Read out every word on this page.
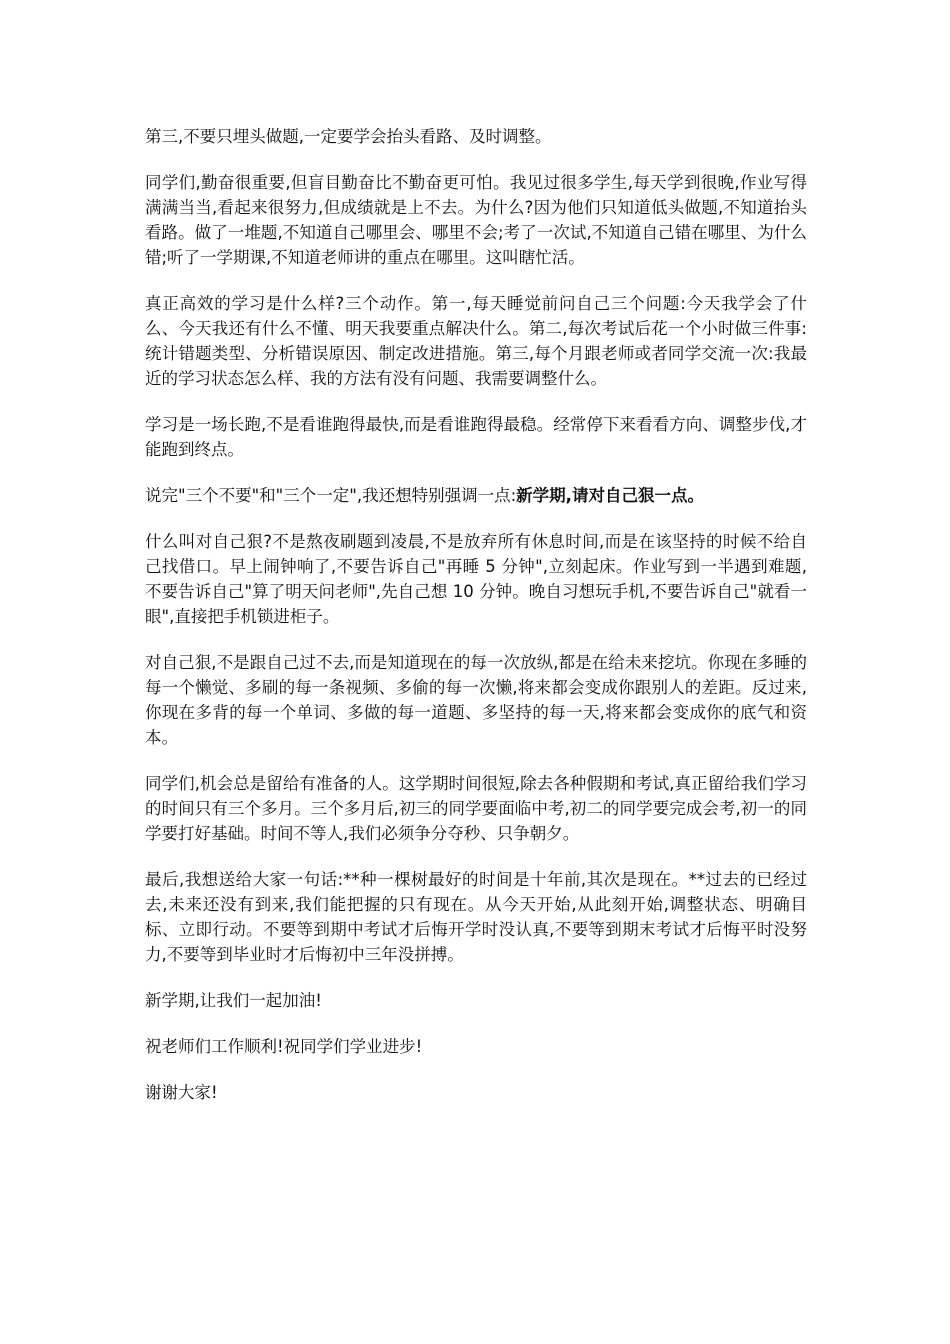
第三,不要只埋头做题,一定要学会抬头看路、及时调整。

同学们,勤奋很重要,但盲目勤奋比不勤奋更可怕。我见过很多学生,每天学到很晚,作业写得满满当当,看起来很努力,但成绩就是上不去。为什么?因为他们只知道低头做题,不知道抬头看路。做了一堆题,不知道自己哪里会、哪里不会;考了一次试,不知道自己错在哪里、为什么错;听了一学期课,不知道老师讲的重点在哪里。这叫瞎忙活。

真正高效的学习是什么样?三个动作。第一,每天睡觉前问自己三个问题:今天我学会了什么、今天我还有什么不懂、明天我要重点解决什么。第二,每次考试后花一个小时做三件事:统计错题类型、分析错误原因、制定改进措施。第三,每个月跟老师或者同学交流一次:我最近的学习状态怎么样、我的方法有没有问题、我需要调整什么。

学习是一场长跑,不是看谁跑得最快,而是看谁跑得最稳。经常停下来看看方向、调整步伐,才能跑到终点。

说完"三个不要"和"三个一定",我还想特别强调一点:新学期,请对自己狠一点。

什么叫对自己狠?不是熬夜刷题到凌晨,不是放弃所有休息时间,而是在该坚持的时候不给自己找借口。早上闹钟响了,不要告诉自己"再睡 5 分钟",立刻起床。作业写到一半遇到难题,不要告诉自己"算了明天问老师",先自己想 10 分钟。晚自习想玩手机,不要告诉自己"就看一眼",直接把手机锁进柜子。

对自己狠,不是跟自己过不去,而是知道现在的每一次放纵,都是在给未来挖坑。你现在多睡的每一个懒觉、多刷的每一条视频、多偷的每一次懒,将来都会变成你跟别人的差距。反过来,你现在多背的每一个单词、多做的每一道题、多坚持的每一天,将来都会变成你的底气和资本。

同学们,机会总是留给有准备的人。这学期时间很短,除去各种假期和考试,真正留给我们学习的时间只有三个多月。三个多月后,初三的同学要面临中考,初二的同学要完成会考,初一的同学要打好基础。时间不等人,我们必须争分夺秒、只争朝夕。

最后,我想送给大家一句话:**种一棵树最好的时间是十年前,其次是现在。**过去的已经过去,未来还没有到来,我们能把握的只有现在。从今天开始,从此刻开始,调整状态、明确目标、立即行动。不要等到期中考试才后悔开学时没认真,不要等到期末考试才后悔平时没努力,不要等到毕业时才后悔初中三年没拼搏。

新学期,让我们一起加油!

祝老师们工作顺利!祝同学们学业进步!

谢谢大家!
